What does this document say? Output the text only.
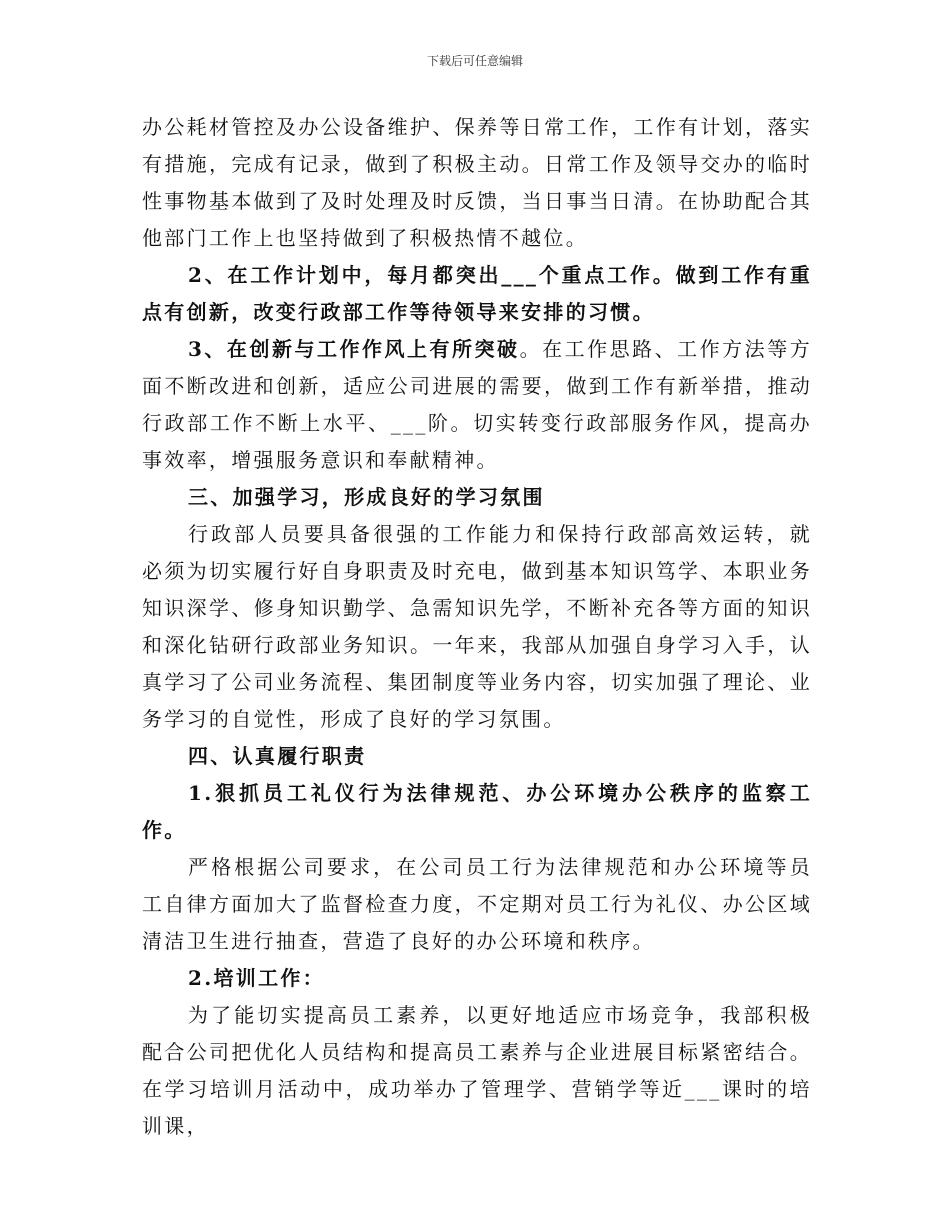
下载后可任意编辑

办公耗材管控及办公设备维护、保养等日常工作，工作有计划，落实有措施，完成有记录，做到了积极主动。日常工作及领导交办的临时性事物基本做到了及时处理及时反馈，当日事当日清。在协助配合其他部门工作上也坚持做到了积极热情不越位。

2、在工作计划中，每月都突出___个重点工作。做到工作有重点有创新，改变行政部工作等待领导来安排的习惯。

3、在创新与工作作风上有所突破。在工作思路、工作方法等方面不断改进和创新，适应公司进展的需要，做到工作有新举措，推动行政部工作不断上水平、___阶。切实转变行政部服务作风，提高办事效率，增强服务意识和奉献精神。

三、加强学习，形成良好的学习氛围

行政部人员要具备很强的工作能力和保持行政部高效运转，就必须为切实履行好自身职责及时充电，做到基本知识笃学、本职业务知识深学、修身知识勤学、急需知识先学，不断补充各等方面的知识和深化钻研行政部业务知识。一年来，我部从加强自身学习入手，认真学习了公司业务流程、集团制度等业务内容，切实加强了理论、业务学习的自觉性，形成了良好的学习氛围。

四、认真履行职责

1.狠抓员工礼仪行为法律规范、办公环境办公秩序的监察工作。

严格根据公司要求，在公司员工行为法律规范和办公环境等员工自律方面加大了监督检查力度，不定期对员工行为礼仪、办公区域清洁卫生进行抽查，营造了良好的办公环境和秩序。

2.培训工作：

为了能切实提高员工素养，以更好地适应市场竞争，我部积极配合公司把优化人员结构和提高员工素养与企业进展目标紧密结合。在学习培训月活动中，成功举办了管理学、营销学等近___课时的培训课，
